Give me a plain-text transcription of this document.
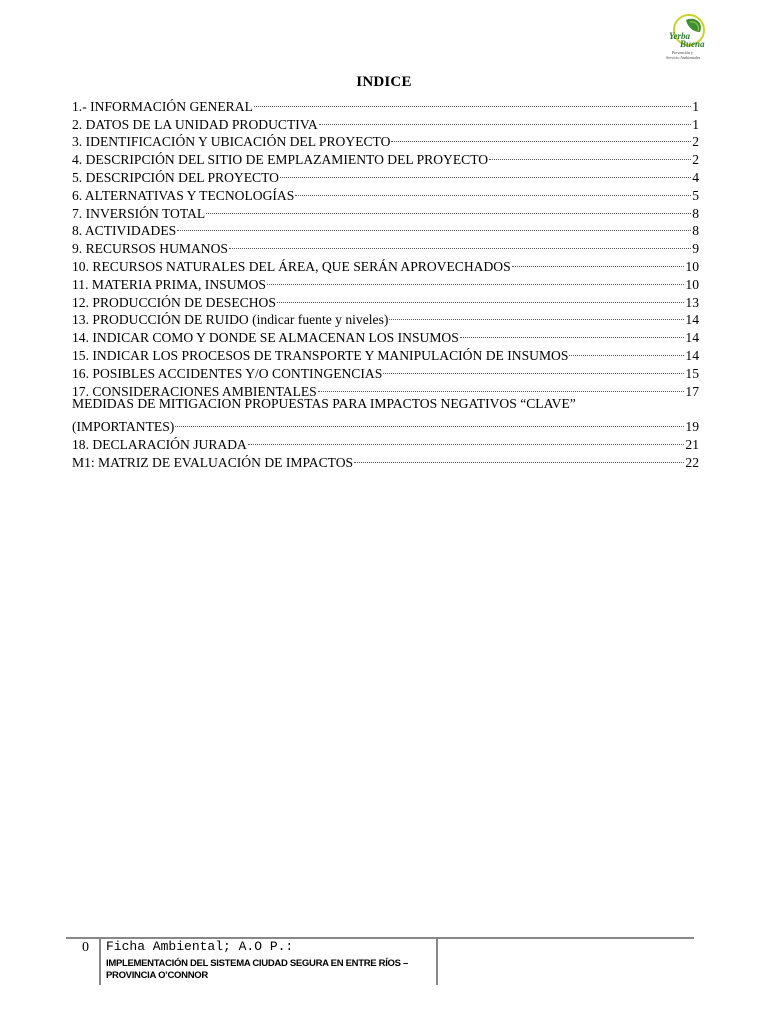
Yerba
Buena
Prevención y
Servicio Ambientales
INDICE
1.- INFORMACIÓN GENERAL	1
2. DATOS DE LA UNIDAD PRODUCTIVA	1
3. IDENTIFICACIÓN Y UBICACIÓN DEL PROYECTO	2
4. DESCRIPCIÓN DEL SITIO DE EMPLAZAMIENTO DEL PROYECTO	2
5. DESCRIPCIÓN DEL PROYECTO	4
6. ALTERNATIVAS Y TECNOLOGÍAS	5
7. INVERSIÓN TOTAL	8
8. ACTIVIDADES	8
9. RECURSOS HUMANOS	9
10. RECURSOS NATURALES DEL ÁREA, QUE SERÁN APROVECHADOS	10
11. MATERIA PRIMA, INSUMOS	10
12. PRODUCCIÓN DE DESECHOS	13
13. PRODUCCIÓN DE RUIDO (indicar fuente y niveles)	14
14. INDICAR COMO Y DONDE SE ALMACENAN LOS INSUMOS	14
15. INDICAR LOS PROCESOS DE TRANSPORTE Y MANIPULACIÓN DE INSUMOS	14
16. POSIBLES ACCIDENTES Y/O CONTINGENCIAS	15
17. CONSIDERACIONES AMBIENTALES	17
MEDIDAS DE MITIGACION PROPUESTAS PARA IMPACTOS NEGATIVOS “CLAVE”
(IMPORTANTES)	19
18. DECLARACIÓN JURADA	21
M1: MATRIZ DE EVALUACIÓN DE IMPACTOS	22
0 Ficha Ambiental; A.O P.:
IMPLEMENTACIÓN DEL SISTEMA CIUDAD SEGURA EN ENTRE RÍOS – PROVINCIA O’CONNOR
